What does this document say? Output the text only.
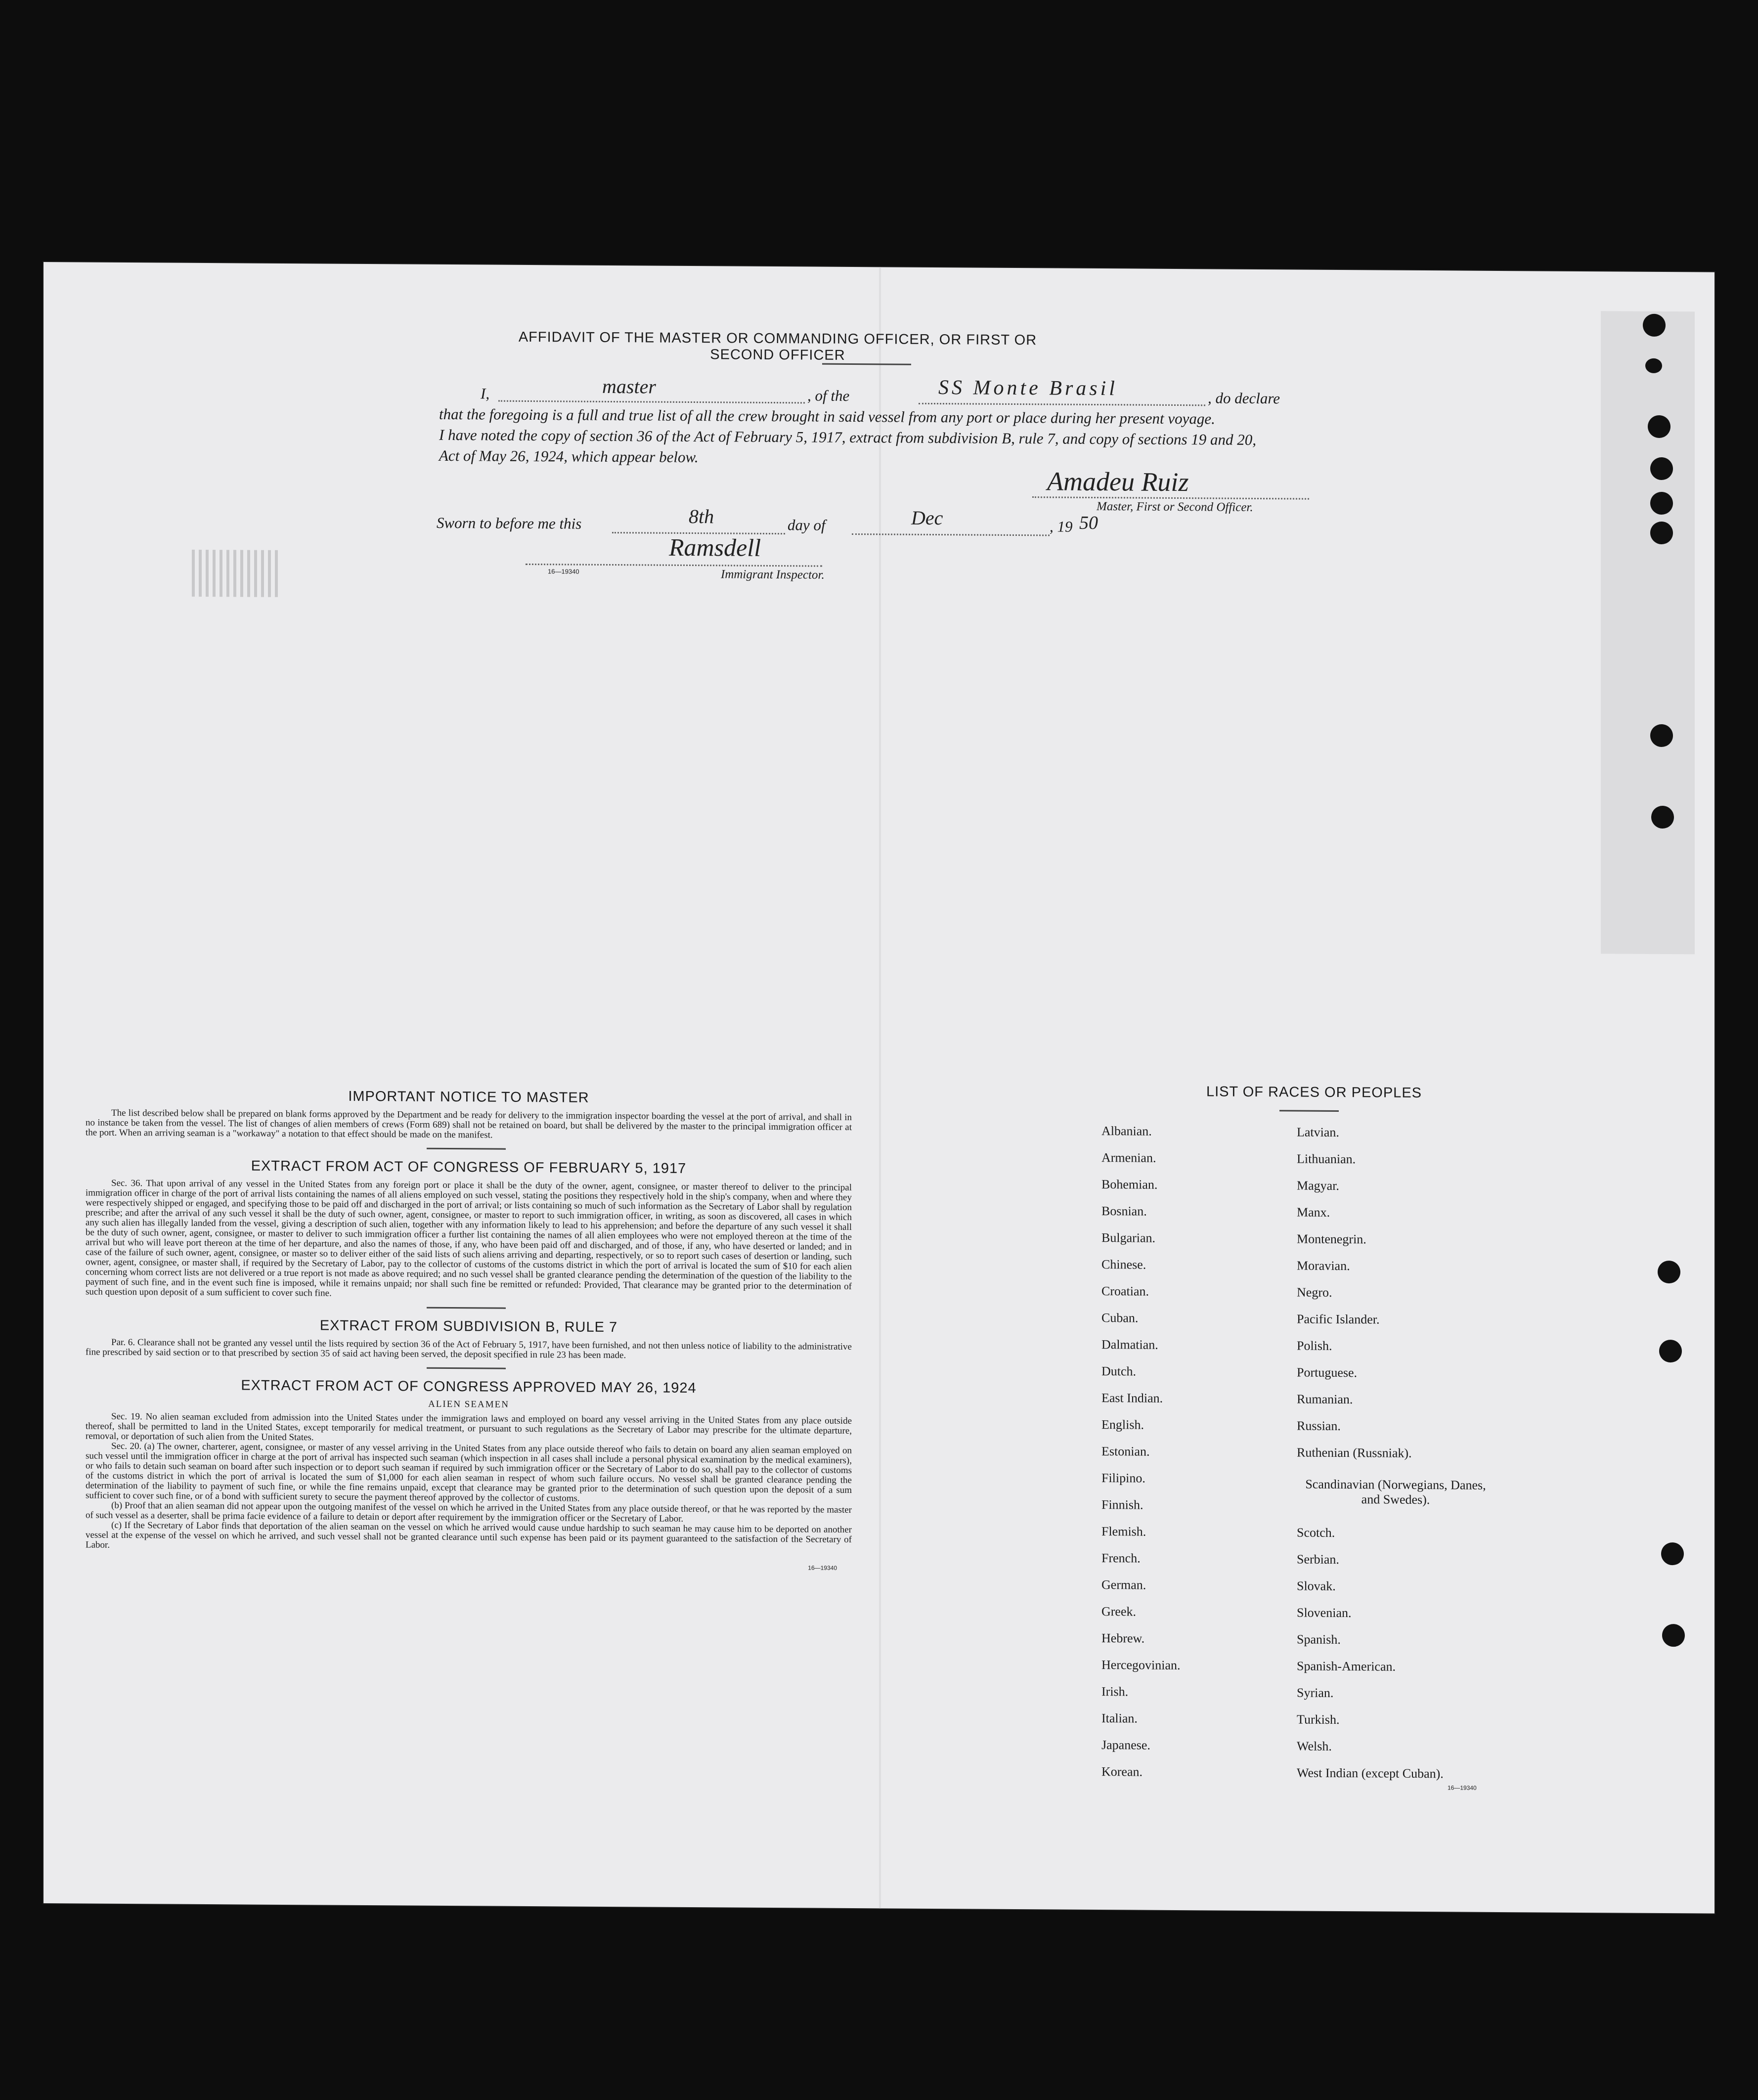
AFFIDAVIT OF THE MASTER OR COMMANDING OFFICER, OR FIRST OR SECOND OFFICER
I,	master	, of the	SS Monte Brasil	, do declare
that the foregoing is a full and true list of all the crew brought in said vessel from any port or place during her present voyage.
I have noted the copy of section 36 of the Act of February 5, 1917, extract from subdivision B, rule 7, and copy of sections 19 and 20,
Act of May 26, 1924, which appear below.
Amadeu Ruiz
Master, First or Second Officer.
Sworn to before me this	8th	day of	Dec	, 19 50
Ramsdell
16—19340	Immigrant Inspector.
IMPORTANT NOTICE TO MASTER

The list described below shall be prepared on blank forms approved by the Department and be ready for delivery to the immigration inspector boarding the vessel at the port of arrival, and shall in no instance be taken from the vessel. The list of changes of alien members of crews (Form 689) shall not be retained on board, but shall be delivered by the master to the principal immigration officer at the port. When an arriving seaman is a "workaway" a notation to that effect should be made on the manifest.

EXTRACT FROM ACT OF CONGRESS OF FEBRUARY 5, 1917

Sec. 36. That upon arrival of any vessel in the United States from any foreign port or place it shall be the duty of the owner, agent, consignee, or master thereof to deliver to the principal immigration officer in charge of the port of arrival lists containing the names of all aliens employed on such vessel, stating the positions they respectively hold in the ship's company, when and where they were respectively shipped or engaged, and specifying those to be paid off and discharged in the port of arrival; or lists containing so much of such information as the Secretary of Labor shall by regulation prescribe; and after the arrival of any such vessel it shall be the duty of such owner, agent, consignee, or master to report to such immigration officer, in writing, as soon as discovered, all cases in which any such alien has illegally landed from the vessel, giving a description of such alien, together with any information likely to lead to his apprehension; and before the departure of any such vessel it shall be the duty of such owner, agent, consignee, or master to deliver to such immigration officer a further list containing the names of all alien employees who were not employed thereon at the time of the arrival but who will leave port thereon at the time of her departure, and also the names of those, if any, who have been paid off and discharged, and of those, if any, who have deserted or landed; and in case of the failure of such owner, agent, consignee, or master so to deliver either of the said lists of such aliens arriving and departing, respectively, or so to report such cases of desertion or landing, such owner, agent, consignee, or master shall, if required by the Secretary of Labor, pay to the collector of customs of the customs district in which the port of arrival is located the sum of $10 for each alien concerning whom correct lists are not delivered or a true report is not made as above required; and no such vessel shall be granted clearance pending the determination of the question of the liability to the payment of such fine, and in the event such fine is imposed, while it remains unpaid; nor shall such fine be remitted or refunded: Provided, That clearance may be granted prior to the determination of such question upon deposit of a sum sufficient to cover such fine.

EXTRACT FROM SUBDIVISION B, RULE 7

Par. 6. Clearance shall not be granted any vessel until the lists required by section 36 of the Act of February 5, 1917, have been furnished, and not then unless notice of liability to the administrative fine prescribed by said section or to that prescribed by section 35 of said act having been served, the deposit specified in rule 23 has been made.

EXTRACT FROM ACT OF CONGRESS APPROVED MAY 26, 1924
ALIEN SEAMEN

Sec. 19. No alien seaman excluded from admission into the United States under the immigration laws and employed on board any vessel arriving in the United States from any place outside thereof, shall be permitted to land in the United States, except temporarily for medical treatment, or pursuant to such regulations as the Secretary of Labor may prescribe for the ultimate departure, removal, or deportation of such alien from the United States.

Sec. 20. (a) The owner, charterer, agent, consignee, or master of any vessel arriving in the United States from any place outside thereof who fails to detain on board any alien seaman employed on such vessel until the immigration officer in charge at the port of arrival has inspected such seaman (which inspection in all cases shall include a personal physical examination by the medical examiners), or who fails to detain such seaman on board after such inspection or to deport such seaman if required by such immigration officer or the Secretary of Labor to do so, shall pay to the collector of customs of the customs district in which the port of arrival is located the sum of $1,000 for each alien seaman in respect of whom such failure occurs. No vessel shall be granted clearance pending the determination of the liability to payment of such fine, or while the fine remains unpaid, except that clearance may be granted prior to the determination of such question upon the deposit of a sum sufficient to cover such fine, or of a bond with sufficient surety to secure the payment thereof approved by the collector of customs.

(b) Proof that an alien seaman did not appear upon the outgoing manifest of the vessel on which he arrived in the United States from any place outside thereof, or that he was reported by the master of such vessel as a deserter, shall be prima facie evidence of a failure to detain or deport after requirement by the immigration officer or the Secretary of Labor.

(c) If the Secretary of Labor finds that deportation of the alien seaman on the vessel on which he arrived would cause undue hardship to such seaman he may cause him to be deported on another vessel at the expense of the vessel on which he arrived, and such vessel shall not be granted clearance until such expense has been paid or its payment guaranteed to the satisfaction of the Secretary of Labor.

16—19340
LIST OF RACES OR PEOPLES
Albanian.
Armenian.
Bohemian.
Bosnian.
Bulgarian.
Chinese.
Croatian.
Cuban.
Dalmatian.
Dutch.
East Indian.
English.
Estonian.
Filipino.
Finnish.
Flemish.
French.
German.
Greek.
Hebrew.
Hercegovinian.
Irish.
Italian.
Japanese.
Korean.
Latvian.
Lithuanian.
Magyar.
Manx.
Montenegrin.
Moravian.
Negro.
Pacific Islander.
Polish.
Portuguese.
Rumanian.
Russian.
Ruthenian (Russniak).
Scandinavian (Norwegians, Danes, and Swedes).
Scotch.
Serbian.
Slovak.
Slovenian.
Spanish.
Spanish-American.
Syrian.
Turkish.
Welsh.
West Indian (except Cuban).
16—19340
